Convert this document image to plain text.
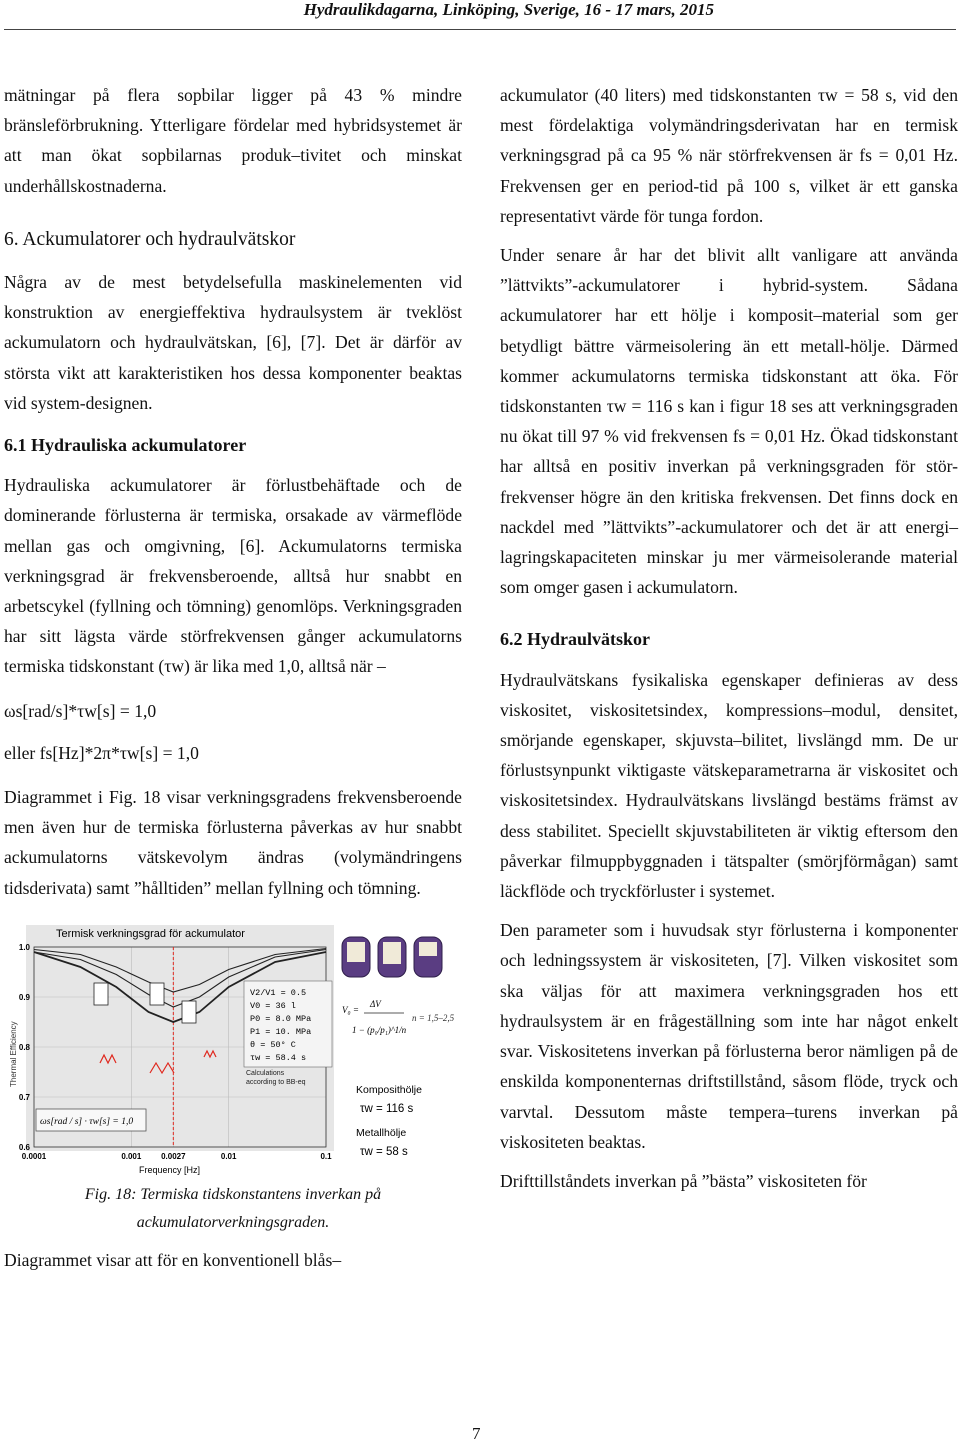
Hydraulikdagarna, Linköping, Sverige, 16 - 17 mars, 2015

mätningar på flera sopbilar ligger på 43 % mindre bränsleförbrukning. Ytterligare fördelar med hybridsystemet är att man ökat sopbilarnas produk–tivitet och minskat underhållskostnaderna.

6. Ackumulatorer och hydraulvätskor

Några av de mest betydelsefulla maskinelementen vid konstruktion av energieffektiva hydraulsystem är tveklöst ackumulatorn och hydraulvätskan, [6], [7]. Det är därför av största vikt att karakteristiken hos dessa komponenter beaktas vid system-designen.

6.1 Hydrauliska ackumulatorer

Hydrauliska ackumulatorer är förlustbehäftade och de dominerande förlusterna är termiska, orsakade av värmeflöde mellan gas och omgivning, [6]. Ackumulatorns termiska verkningsgrad är frekvensberoende, alltså hur snabbt en arbetscykel (fyllning och tömning) genomlöps. Verkningsgraden har sitt lägsta värde störfrekvensen gånger ackumulatorns termiska tidskonstant (τw) är lika med 1,0, alltså när –

ωs[rad/s]*τw[s] = 1,0

eller fs[Hz]*2π*τw[s] = 1,0

Diagrammet i Fig. 18 visar verkningsgradens frekvensberoende men även hur de termiska förlusterna påverkas av hur snabbt ackumulatorns vätskevolym ändras (volymändringens tidsderivata) samt ”hålltiden” mellan fyllning och tömning.

Termisk verkningsgrad för ackumulator
Thermal Efficiency
0.0001	0.001 0.0027	0.01	0.1
0.6
0.7
0.8
0.9
1.0
Frequency [Hz]
ωs[rad / s] · τw[s] = 1,0
V2/V1 = 0.5
V0 = 36 l
P0 = 8.0 MPa
P1 = 10. MPa
θ = 50° C
τw = 58.4 s
Calculations
according to BB-eq
V₀ =
ΔV
1 − (p₀/p₁)^1/n
n = 1,5–2,5
Komposithölje
τw = 116 s
Metallhölje
τw = 58 s
Fig. 18: Termiska tidskonstantens inverkan på
ackumulatorverkningsgraden.

Diagrammet visar att för en konventionell blås–

ackumulator (40 liters) med tidskonstanten τw = 58 s, vid den mest fördelaktiga volymändringsderivatan har en termisk verkningsgrad på ca 95 % när störfrekvensen är fs = 0,01 Hz. Frekvensen ger en period-tid på 100 s, vilket är ett ganska representativt värde för tunga fordon.

Under senare år har det blivit allt vanligare att använda ”lättvikts”-ackumulatorer i hybrid-system. Sådana ackumulatorer har ett hölje i komposit–material som ger betydligt bättre värmeisolering än ett metall-hölje. Därmed kommer ackumulatorns termiska tidskonstant att öka. För tidskonstanten τw = 116 s kan i figur 18 ses att verkningsgraden nu ökat till 97 % vid frekvensen fs = 0,01 Hz. Ökad tidskonstant har alltså en positiv inverkan på verkningsgraden för stör-frekvenser högre än den kritiska frekvensen. Det finns dock en nackdel med ”lättvikts”-ackumulatorer och det är att energi–lagringskapaciteten minskar ju mer värmeisolerande material som omger gasen i ackumulatorn.

6.2 Hydraulvätskor

Hydraulvätskans fysikaliska egenskaper definieras av dess viskositet, viskositetsindex, kompressions–modul, densitet, smörjande egenskaper, skjuvsta–bilitet, livslängd mm. De ur förlustsynpunkt viktigaste vätskeparametrarna är viskositet och viskositetsindex. Hydraulvätskans livslängd bestäms främst av dess stabilitet. Speciellt skjuvstabiliteten är viktig eftersom den påverkar filmuppbyggnaden i tätspalter (smörjförmågan) samt läckflöde och tryckförluster i systemet.

Den parameter som i huvudsak styr förlusterna i komponenter och ledningssystem är viskositeten, [7]. Vilken viskositet som ska väljas för att maximera verkningsgraden hos ett hydraulsystem är en frågeställning som inte har något enkelt svar. Viskositetens inverkan på förlusterna beror nämligen på de enskilda komponenternas driftstillstånd, såsom flöde, tryck och varvtal. Dessutom måste tempera–turens inverkan på viskositeten beaktas.

Drifttillståndets inverkan på ”bästa” viskositeten för

7
